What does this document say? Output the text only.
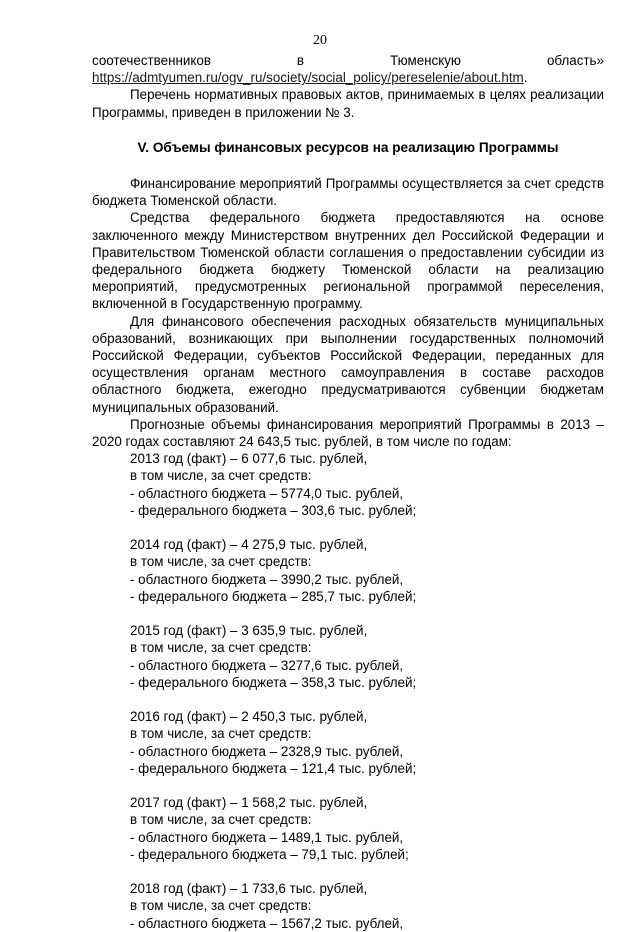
20
соотечественников	в	Тюменскую	область»

https://admtyumen.ru/ogv_ru/society/social_policy/pereselenie/about.htm.

Перечень нормативных правовых актов, принимаемых в целях реализации Программы, приведен в приложении № 3.

V. Объемы финансовых ресурсов на реализацию Программы

Финансирование мероприятий Программы осуществляется за счет средств бюджета Тюменской области.

Средства федерального бюджета предоставляются на основе заключенного между Министерством внутренних дел Российской Федерации и Правительством Тюменской области соглашения о предоставлении субсидии из федерального бюджета бюджету Тюменской области на реализацию мероприятий, предусмотренных региональной программой переселения, включенной в Государственную программу.

Для финансового обеспечения расходных обязательств муниципальных образований, возникающих при выполнении государственных полномочий Российской Федерации, субъектов Российской Федерации, переданных для осуществления органам местного самоуправления в составе расходов областного бюджета, ежегодно предусматриваются субвенции бюджетам муниципальных образований.

Прогнозные объемы финансирования мероприятий Программы в 2013 – 2020 годах составляют 24 643,5 тыс. рублей, в том числе по годам:

2013 год (факт) – 6 077,6 тыс. рублей,
в том числе, за счет средств:
- областного бюджета – 5774,0 тыс. рублей,
- федерального бюджета – 303,6 тыс. рублей;
2014 год (факт) – 4 275,9 тыс. рублей,
в том числе, за счет средств:
- областного бюджета – 3990,2 тыс. рублей,
- федерального бюджета – 285,7 тыс. рублей;
2015 год (факт) – 3 635,9 тыс. рублей,
в том числе, за счет средств:
- областного бюджета – 3277,6 тыс. рублей,
- федерального бюджета – 358,3 тыс. рублей;
2016 год (факт) – 2 450,3 тыс. рублей,
в том числе, за счет средств:
- областного бюджета – 2328,9 тыс. рублей,
- федерального бюджета – 121,4 тыс. рублей;
2017 год (факт) – 1 568,2 тыс. рублей,
в том числе, за счет средств:
- областного бюджета – 1489,1 тыс. рублей,
- федерального бюджета – 79,1 тыс. рублей;
2018 год (факт) – 1 733,6 тыс. рублей,
в том числе, за счет средств:
- областного бюджета – 1567,2 тыс. рублей,
